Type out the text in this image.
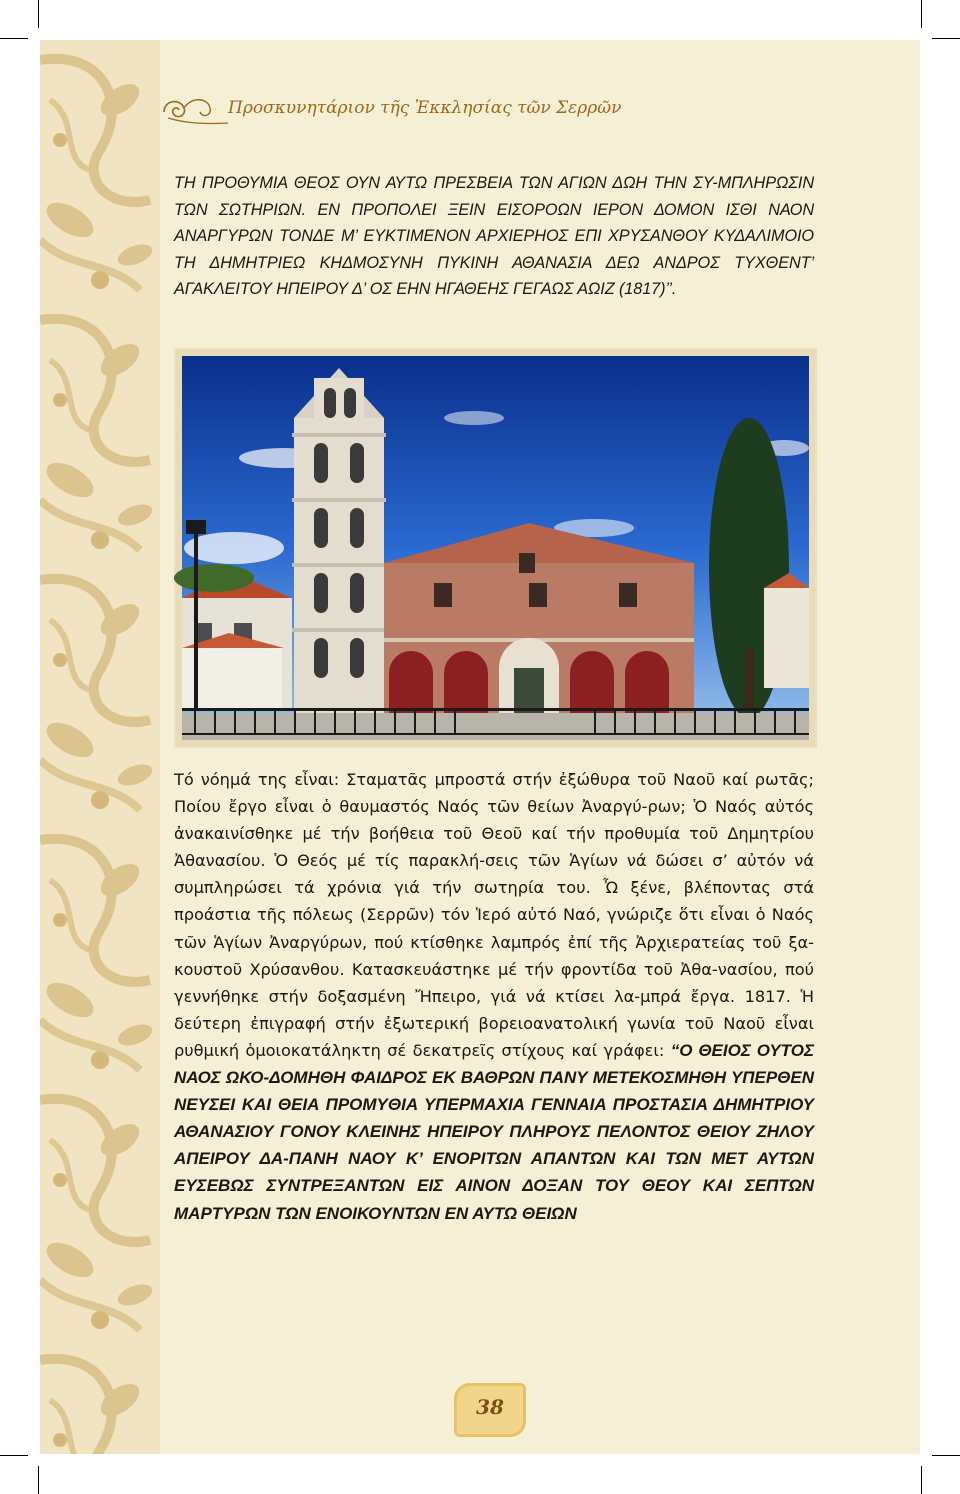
Προσκυνητάριον τῆς Ἐκκλησίας τῶν Σερρῶν
ΤΗ ΠΡΟΘΥΜΙΑ ΘΕΟΣ ΟΥΝ ΑΥΤΩ ΠΡΕΣΒΕΙΑ ΤΩΝ ΑΓΙΩΝ ΔΩΗ ΤΗΝ ΣΥ-ΜΠΛΗΡΩΣΙΝ ΤΩΝ ΣΩΤΗΡΙΩΝ. ΕΝ ΠΡΟΠΟΛΕΙ ΞΕΙΝ ΕΙΣΟΡΟΩΝ ΙΕΡΟΝ ΔΟΜΟΝ ΙΣΘΙ ΝΑΟΝ ΑΝΑΡΓΥΡΩΝ ΤΟΝΔΕ Μ’ ΕΥΚΤΙΜΕΝΟΝ ΑΡΧΙΕΡΗΟΣ ΕΠΙ ΧΡΥΣΑΝΘΟΥ ΚΥΔΑΛΙΜΟΙΟ ΤΗ ΔΗΜΗΤΡΙΕΩ ΚΗΔΜΟΣΥΝΗ ΠΥΚΙΝΗ ΑΘΑΝΑΣΙΑ ΔΕΩ ΑΝΔΡΟΣ ΤΥΧΘΕΝΤ’ ΑΓΑΚΛΕΙΤΟΥ ΗΠΕΙΡΟΥ Δ’ ΟΣ ΕΗΝ ΗΓΑΘΕΗΣ ΓΕΓΑΩΣ ΑΩΙΖ (1817)’’.
Τό νόημά της εἶναι: Σταματᾶς μπροστά στήν ἐξώθυρα τοῦ Ναοῦ καί ρωτᾶς; Ποίου ἔργο εἶναι ὁ θαυμαστός Ναός τῶν θείων Ἀναργύ-ρων; Ὁ Ναός αὐτός ἀνακαινίσθηκε μέ τήν βοήθεια τοῦ Θεοῦ καί τήν προθυμία τοῦ Δημητρίου Ἀθανασίου. Ὁ Θεός μέ τίς παρακλή-σεις τῶν Ἁγίων νά δώσει σ’ αὐτόν νά συμπληρώσει τά χρόνια γιά τήν σωτηρία του. Ὦ ξένε, βλέποντας στά προάστια τῆς πόλεως (Σερρῶν) τόν Ἱερό αὐτό Ναό, γνώριζε ὅτι εἶναι ὁ Ναός τῶν Ἁγίων Ἀναργύρων, πού κτίσθηκε λαμπρός ἐπί τῆς Ἀρχιερατείας τοῦ ξα-κουστοῦ Χρύσανθου. Κατασκευάστηκε μέ τήν φροντίδα τοῦ Ἀθα-νασίου, πού γεννήθηκε στήν δοξασμένη Ἤπειρο, γιά νά κτίσει λα-μπρά ἔργα. 1817. Ἡ δεύτερη ἐπιγραφή στήν ἐξωτερική βορειοανατολική γωνία τοῦ Ναοῦ εἶναι ρυθμική ὁμοιοκατάληκτη σέ δεκατρεῖς στίχους καί γράφει: “Ο ΘΕΙΟΣ ΟΥΤΟΣ ΝΑΟΣ ΩΚΟ-ΔΟΜΗΘΗ ΦΑΙΔΡΟΣ ΕΚ ΒΑΘΡΩΝ ΠΑΝΥ ΜΕΤΕΚΟΣΜΗΘΗ ΥΠΕΡΘΕΝ ΝΕΥΣΕΙ ΚΑΙ ΘΕΙΑ ΠΡΟΜΥΘΙΑ ΥΠΕΡΜΑΧΙΑ ΓΕΝΝΑΙΑ ΠΡΟΣΤΑΣΙΑ ΔΗΜΗΤΡΙΟΥ ΑΘΑΝΑΣΙΟΥ ΓΟΝΟΥ ΚΛΕΙΝΗΣ ΗΠΕΙΡΟΥ ΠΛΗΡΟΥΣ ΠΕΛΟΝΤΟΣ ΘΕΙΟΥ ΖΗΛΟΥ ΑΠΕΙΡΟΥ ΔΑ-ΠΑΝΗ ΝΑΟΥ Κ’ ΕΝΟΡΙΤΩΝ ΑΠΑΝΤΩΝ ΚΑΙ ΤΩΝ ΜΕΤ ΑΥΤΩΝ ΕΥΣΕΒΩΣ ΣΥΝΤΡΕΞΑΝΤΩΝ ΕΙΣ ΑΙΝΟΝ ΔΟΞΑΝ ΤΟΥ ΘΕΟΥ ΚΑΙ ΣΕΠΤΩΝ ΜΑΡΤΥΡΩΝ ΤΩΝ ΕΝΟΙΚΟΥΝΤΩΝ ΕΝ ΑΥΤΩ ΘΕΙΩΝ
38
